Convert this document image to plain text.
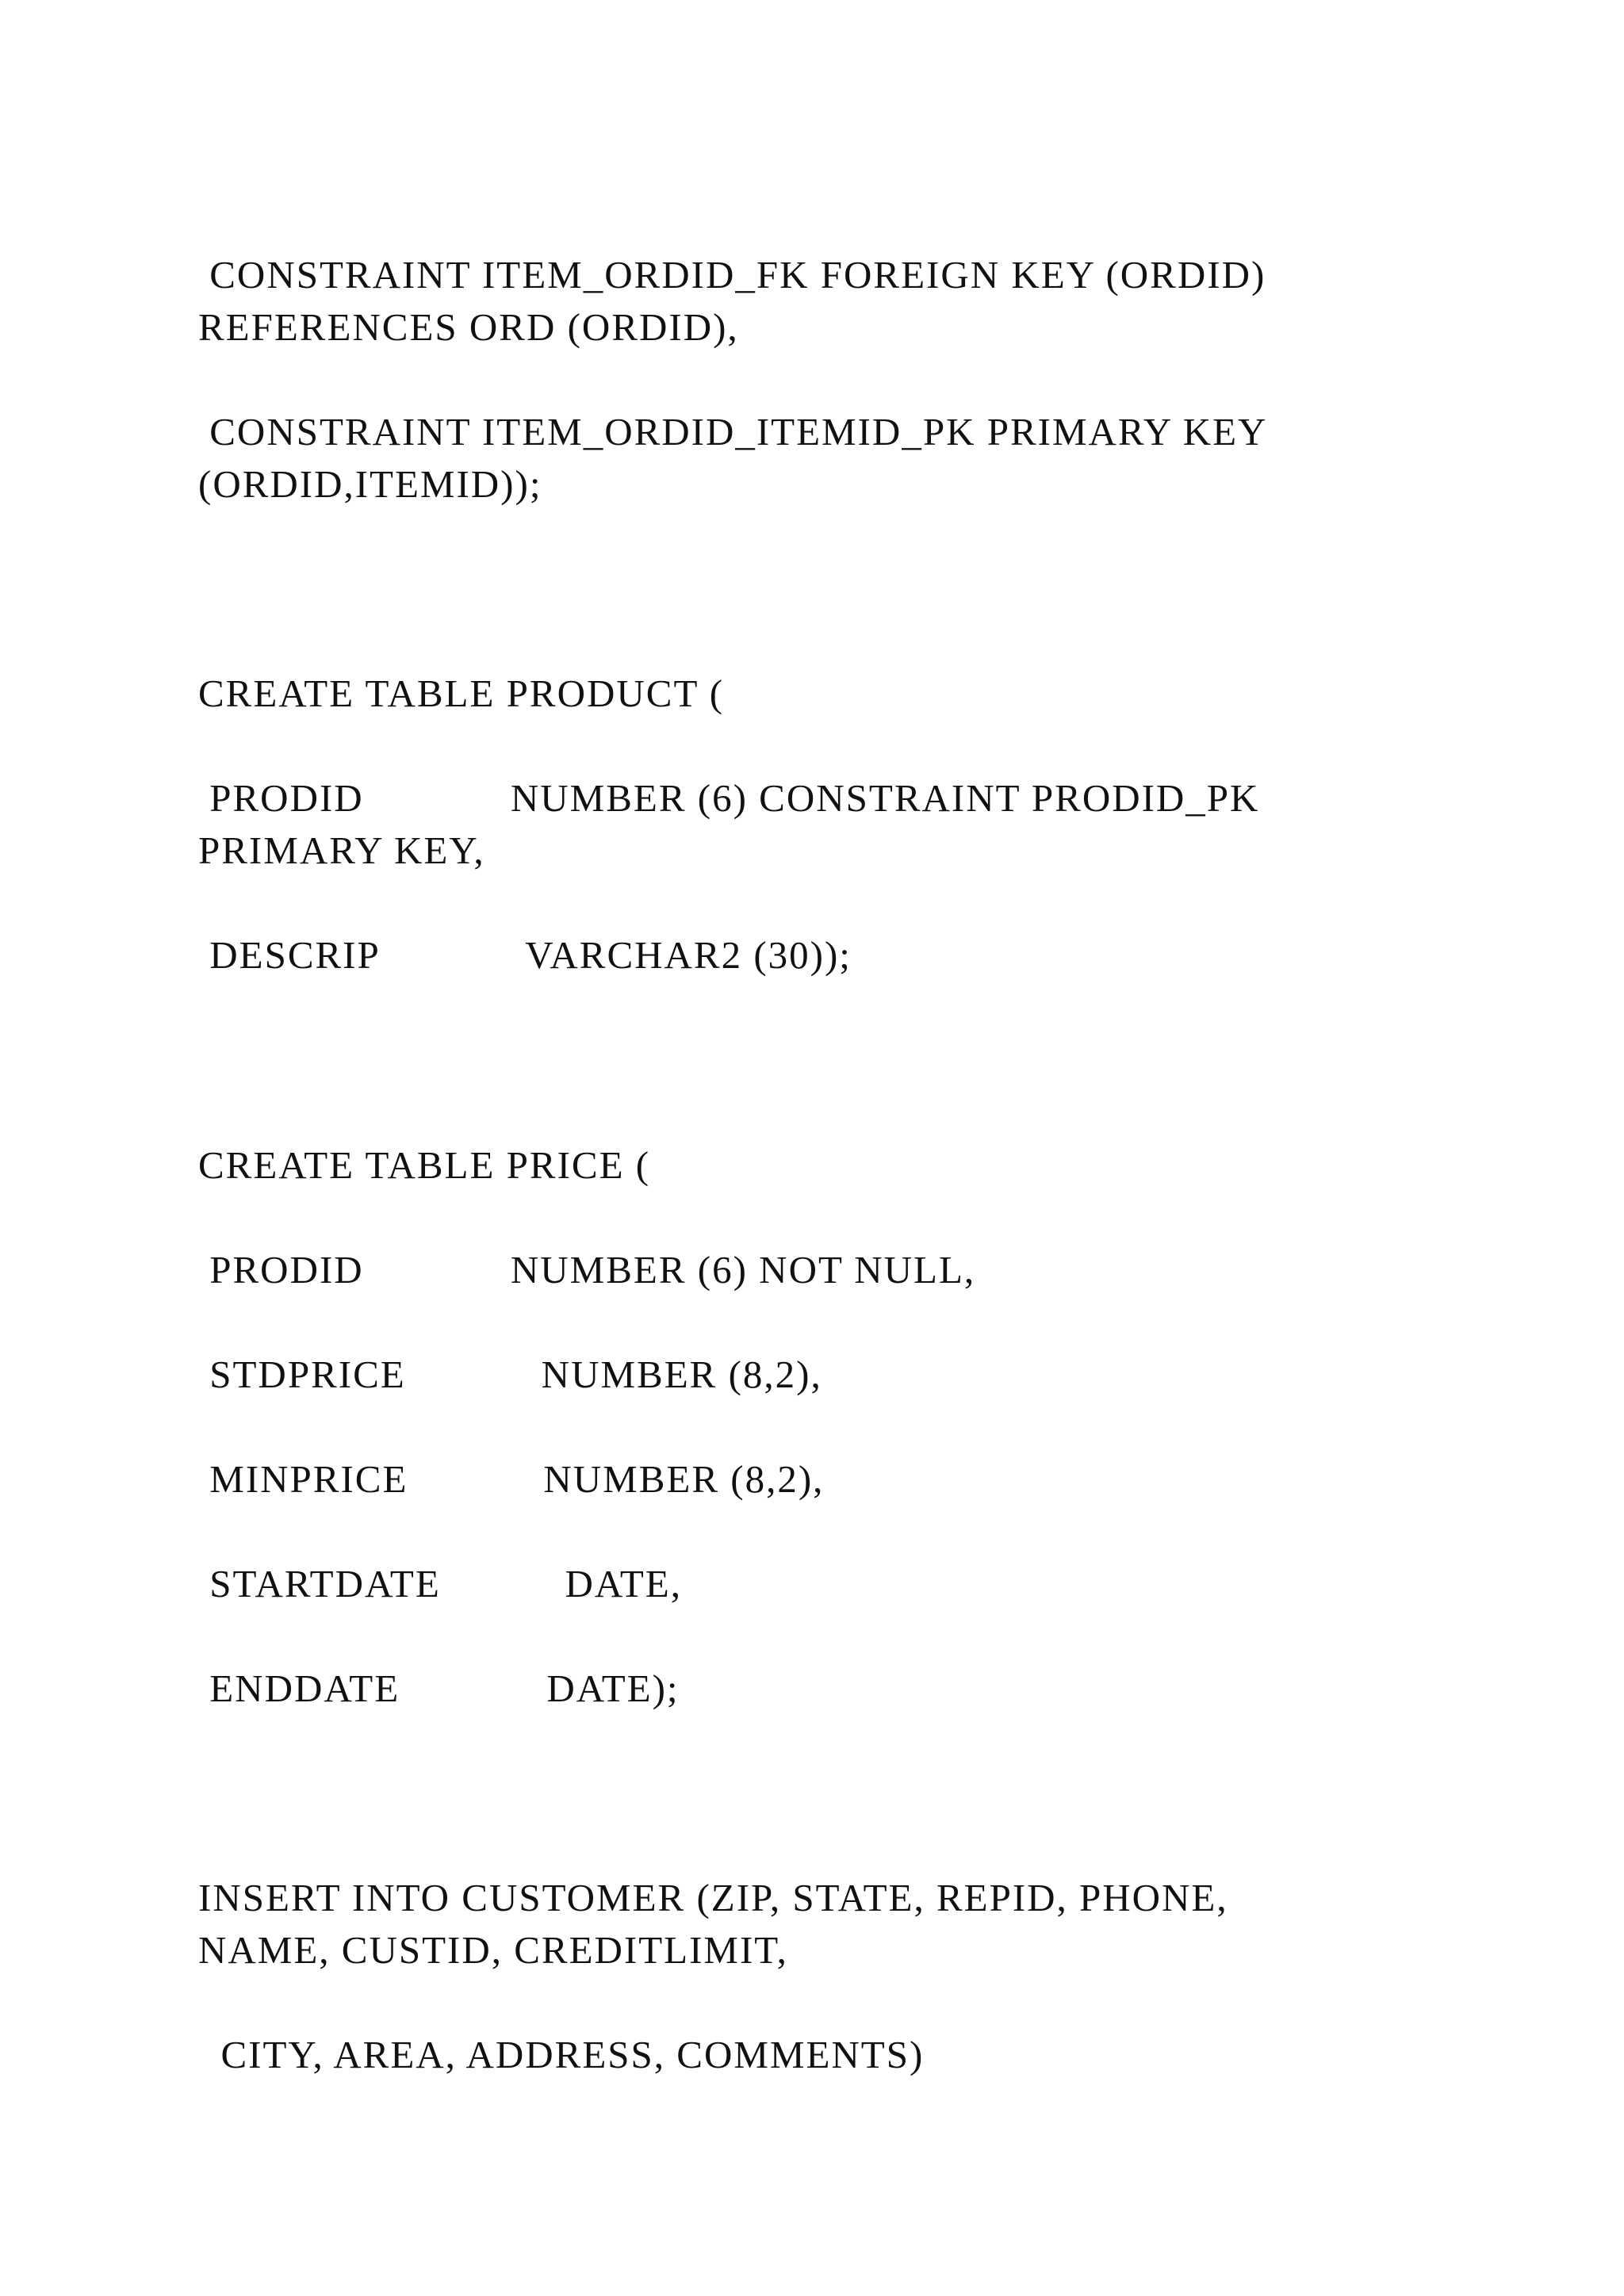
CONSTRAINT ITEM_ORDID_FK FOREIGN KEY (ORDID)

REFERENCES ORD (ORDID),

CONSTRAINT ITEM_ORDID_ITEMID_PK PRIMARY KEY

(ORDID,ITEMID));

CREATE TABLE PRODUCT (

PRODID             NUMBER (6) CONSTRAINT PRODID_PK

PRIMARY KEY,

DESCRIP             VARCHAR2 (30));

CREATE TABLE PRICE (

PRODID             NUMBER (6) NOT NULL,

STDPRICE            NUMBER (8,2),

MINPRICE            NUMBER (8,2),

STARTDATE           DATE,

ENDDATE             DATE);

INSERT INTO CUSTOMER (ZIP, STATE, REPID, PHONE,

NAME, CUSTID, CREDITLIMIT,

CITY, AREA, ADDRESS, COMMENTS)
